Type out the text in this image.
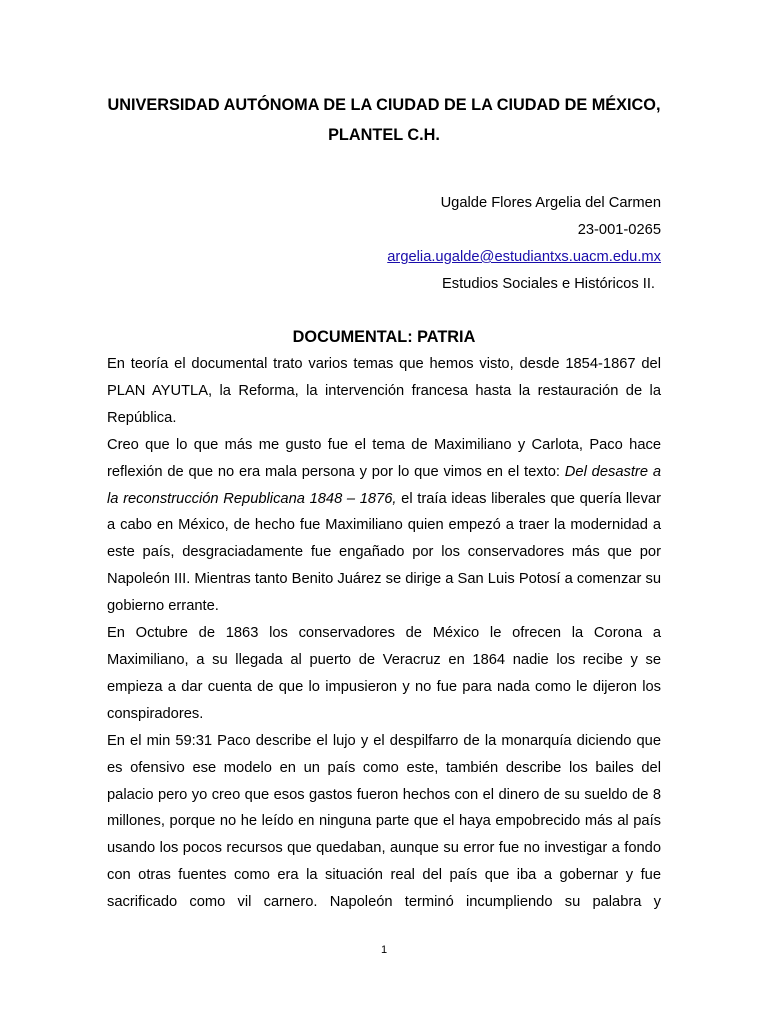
UNIVERSIDAD AUTÓNOMA DE LA CIUDAD DE LA CIUDAD DE MÉXICO, PLANTEL C.H.
Ugalde Flores Argelia del Carmen
23-001-0265
argelia.ugalde@estudiantxs.uacm.edu.mx
Estudios Sociales e Históricos II.
DOCUMENTAL: PATRIA

En teoría el documental trato varios temas que hemos visto, desde 1854-1867 del PLAN AYUTLA, la Reforma, la intervención francesa hasta la restauración de la República.

Creo que lo que más me gusto fue el tema de Maximiliano y Carlota, Paco hace reflexión de que no era mala persona y por lo que vimos en el texto: Del desastre a la reconstrucción Republicana 1848 – 1876, el traía ideas liberales que quería llevar a cabo en México, de hecho fue Maximiliano quien empezó a traer la modernidad a este país, desgraciadamente fue engañado por los conservadores más que por Napoleón III. Mientras tanto Benito Juárez se dirige a San Luis Potosí a comenzar su gobierno errante.

En Octubre de 1863 los conservadores de México le ofrecen la Corona a Maximiliano, a su llegada al puerto de Veracruz en 1864 nadie los recibe y se empieza a dar cuenta de que lo impusieron y no fue para nada como le dijeron los conspiradores.

En el min 59:31 Paco describe el lujo y el despilfarro de la monarquía diciendo que es ofensivo ese modelo en un país como este, también describe los bailes del palacio pero yo creo que esos gastos fueron hechos con el dinero de su sueldo de 8 millones, porque no he leído en ninguna parte que el haya empobrecido más al país usando los pocos recursos que quedaban, aunque su error fue no investigar a fondo con otras fuentes como era la situación real del país que iba a gobernar y fue sacrificado como vil carnero. Napoleón terminó incumpliendo su palabra y

1
